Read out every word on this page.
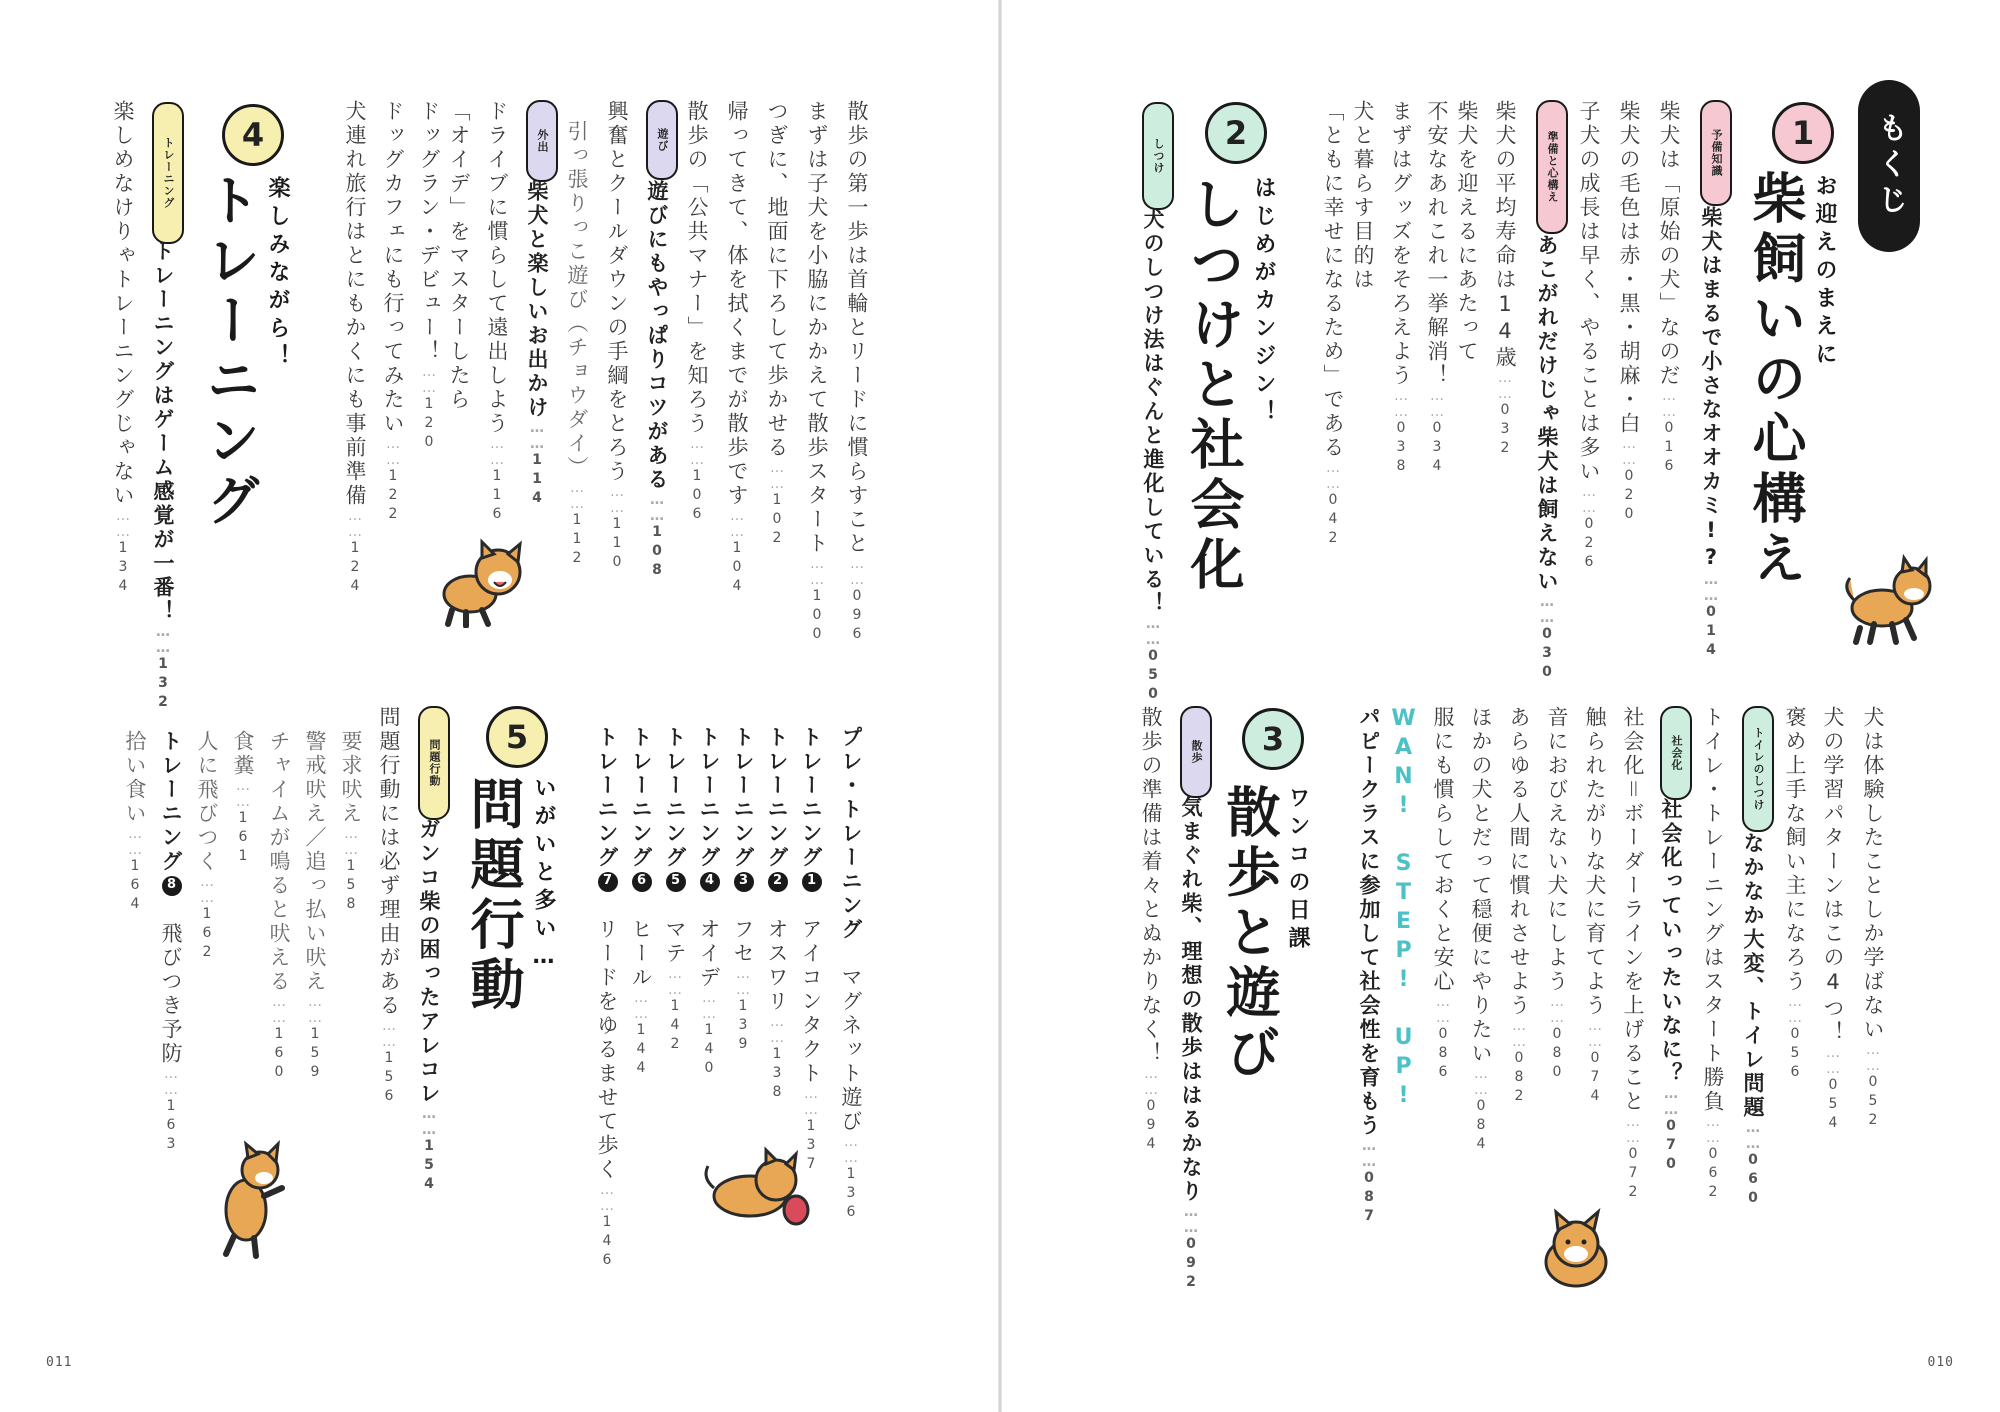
011	010
もくじ
1
お迎えのまえに
柴飼いの心構え
予備知識
柴犬はまるで小さなオオカミ!?……014
柴犬は「原始の犬」なのだ……016
柴犬の毛色は赤・黒・胡麻・白……020
子犬の成長は早く、やることは多い……026
準備と心構え
あこがれだけじゃ柴犬は飼えない……030
柴犬の平均寿命は14歳……032
柴犬を迎えるにあたって
不安なあれこれ一挙解消！……034
まずはグッズをそろえよう……038
犬と暮らす目的は
「ともに幸せになるため」である……042
2
はじめがカンジン！
しつけと社会化
しつけ
犬のしつけ法はぐんと進化している！……050
犬は体験したことしか学ばない……052
犬の学習パターンはこの4つ！……054
褒め上手な飼い主になろう……056
トイレのしつけ
なかなか大変、トイレ問題……060
トイレ・トレーニングはスタート勝負……062
社会化
社会化っていったいなに？……070
社会化＝ボーダーラインを上げること……072
触られたがりな犬に育てよう……074
音におびえない犬にしよう……080
あらゆる人間に慣れさせよう……082
ほかの犬とだって穏便にやりたい……084
服にも慣らしておくと安心……086
WAN! STEP! UP!
パピークラスに参加して社会性を育もう……087
3
ワンコの日課
散歩と遊び
散歩
気まぐれ柴、理想の散歩ははるかなり……092
散歩の準備は着々とぬかりなく！……094
散歩の第一歩は首輪とリードに慣らすこと……096
まずは子犬を小脇にかかえて散歩スタート……100
つぎに、地面に下ろして歩かせる……102
帰ってきて、体を拭くまでが散歩です……104
散歩の「公共マナー」を知ろう……106
遊び
遊びにもやっぱりコツがある……108
興奮とクールダウンの手綱をとろう……110
引っ張りっこ遊び（チョウダイ）……112
外出
柴犬と楽しいお出かけ……114
ドライブに慣らして遠出しよう……116
「オイデ」をマスターしたら
ドッグラン・デビュー！……120
ドッグカフェにも行ってみたい……122
犬連れ旅行はとにもかくにも事前準備……124
4
楽しみながら！
トレーニング
トレーニング
トレーニングはゲーム感覚が一番！……132
楽しめなけりゃトレーニングじゃない……134
プレ・トレーニング　マグネット遊び……136
トレーニング1　アイコンタクト……137
トレーニング2　オスワリ……138
トレーニング3　フセ……139
トレーニング4　オイデ……140
トレーニング5　マテ……142
トレーニング6　ヒール……144
トレーニング7　リードをゆるませて歩く……146
5
いがいと多い…
問題行動
問題行動
ガンコ柴の困ったアレコレ……154
問題行動には必ず理由がある……156
要求吠え……158
警戒吠え／追っ払い吠え……159
チャイムが鳴ると吠える……160
食糞……161
人に飛びつく……162
トレーニング8　飛びつき予防……163
拾い食い……164
